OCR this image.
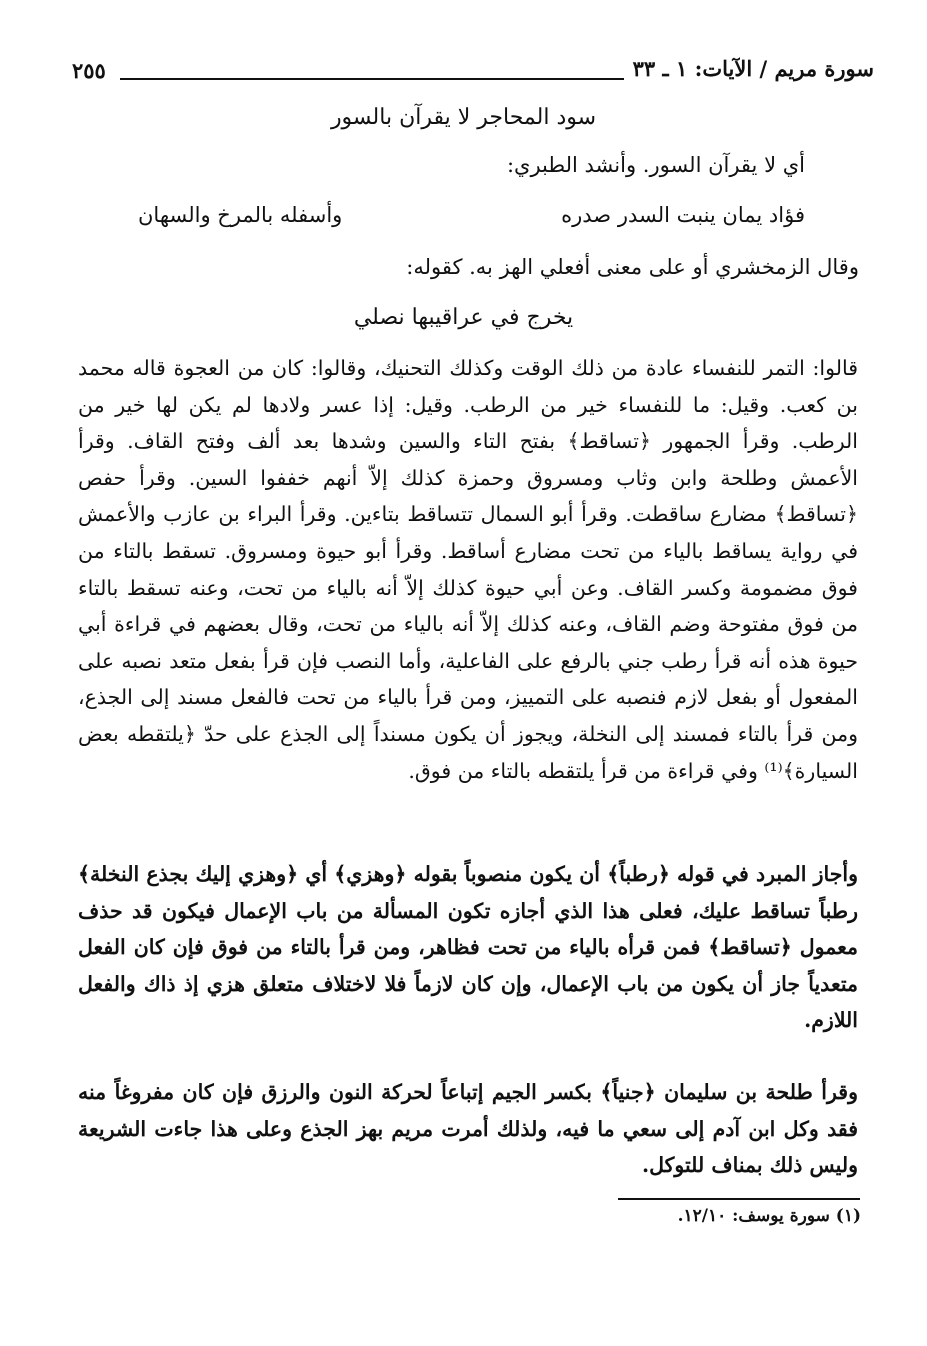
٢٥٥	سورة مريم / الآيات: ١ ـ ٣٣
سود المحاجر لا يقرآن بالسور
أي لا يقرآن السور. وأنشد الطبري:
فؤاد يمان ينبت السدر صدره
وأسفله بالمرخ والسهان
وقال الزمخشري أو على معنى أفعلي الهز به. كقوله:
يخرج في عراقيبها نصلي
قالوا: التمر للنفساء عادة من ذلك الوقت وكذلك التحنيك، وقالوا: كان من العجوة قاله محمد بن كعب. وقيل: ما للنفساء خير من الرطب. وقيل: إذا عسر ولادها لم يكن لها خير من الرطب. وقرأ الجمهور ﴿تساقط﴾ بفتح التاء والسين وشدها بعد ألف وفتح القاف. وقرأ الأعمش وطلحة وابن وثاب ومسروق وحمزة كذلك إلاّ أنهم خففوا السين. وقرأ حفص ﴿تساقط﴾ مضارع ساقطت. وقرأ أبو السمال تتساقط بتاءين. وقرأ البراء بن عازب والأعمش في رواية يساقط بالياء من تحت مضارع أساقط. وقرأ أبو حيوة ومسروق. تسقط بالتاء من فوق مضمومة وكسر القاف. وعن أبي حيوة كذلك إلاّ أنه بالياء من تحت، وعنه تسقط بالتاء من فوق مفتوحة وضم القاف، وعنه كذلك إلاّ أنه بالياء من تحت، وقال بعضهم في قراءة أبي حيوة هذه أنه قرأ رطب جني بالرفع على الفاعلية، وأما النصب فإن قرأ بفعل متعد نصبه على المفعول أو بفعل لازم فنصبه على التمييز، ومن قرأ بالياء من تحت فالفعل مسند إلى الجذع، ومن قرأ بالتاء فمسند إلى النخلة، ويجوز أن يكون مسنداً إلى الجذع على حدّ ﴿يلتقطه بعض السيارة﴾⁽¹⁾ وفي قراءة من قرأ يلتقطه بالتاء من فوق.
وأجاز المبرد في قوله ﴿رطباً﴾ أن يكون منصوباً بقوله ﴿وهزي﴾ أي ﴿وهزي إليك بجذع النخلة﴾ رطباً تساقط عليك، فعلى هذا الذي أجازه تكون المسألة من باب الإعمال فيكون قد حذف معمول ﴿تساقط﴾ فمن قرأه بالياء من تحت فظاهر، ومن قرأ بالتاء من فوق فإن كان الفعل متعدياً جاز أن يكون من باب الإعمال، وإن كان لازماً فلا لاختلاف متعلق هزي إذ ذاك والفعل اللازم.
وقرأ طلحة بن سليمان ﴿جنياً﴾ بكسر الجيم إتباعاً لحركة النون والرزق فإن كان مفروغاً منه فقد وكل ابن آدم إلى سعي ما فيه، ولذلك أمرت مريم بهز الجذع وعلى هذا جاءت الشريعة وليس ذلك بمناف للتوكل.
(١) سورة يوسف: ١٢/١٠.
